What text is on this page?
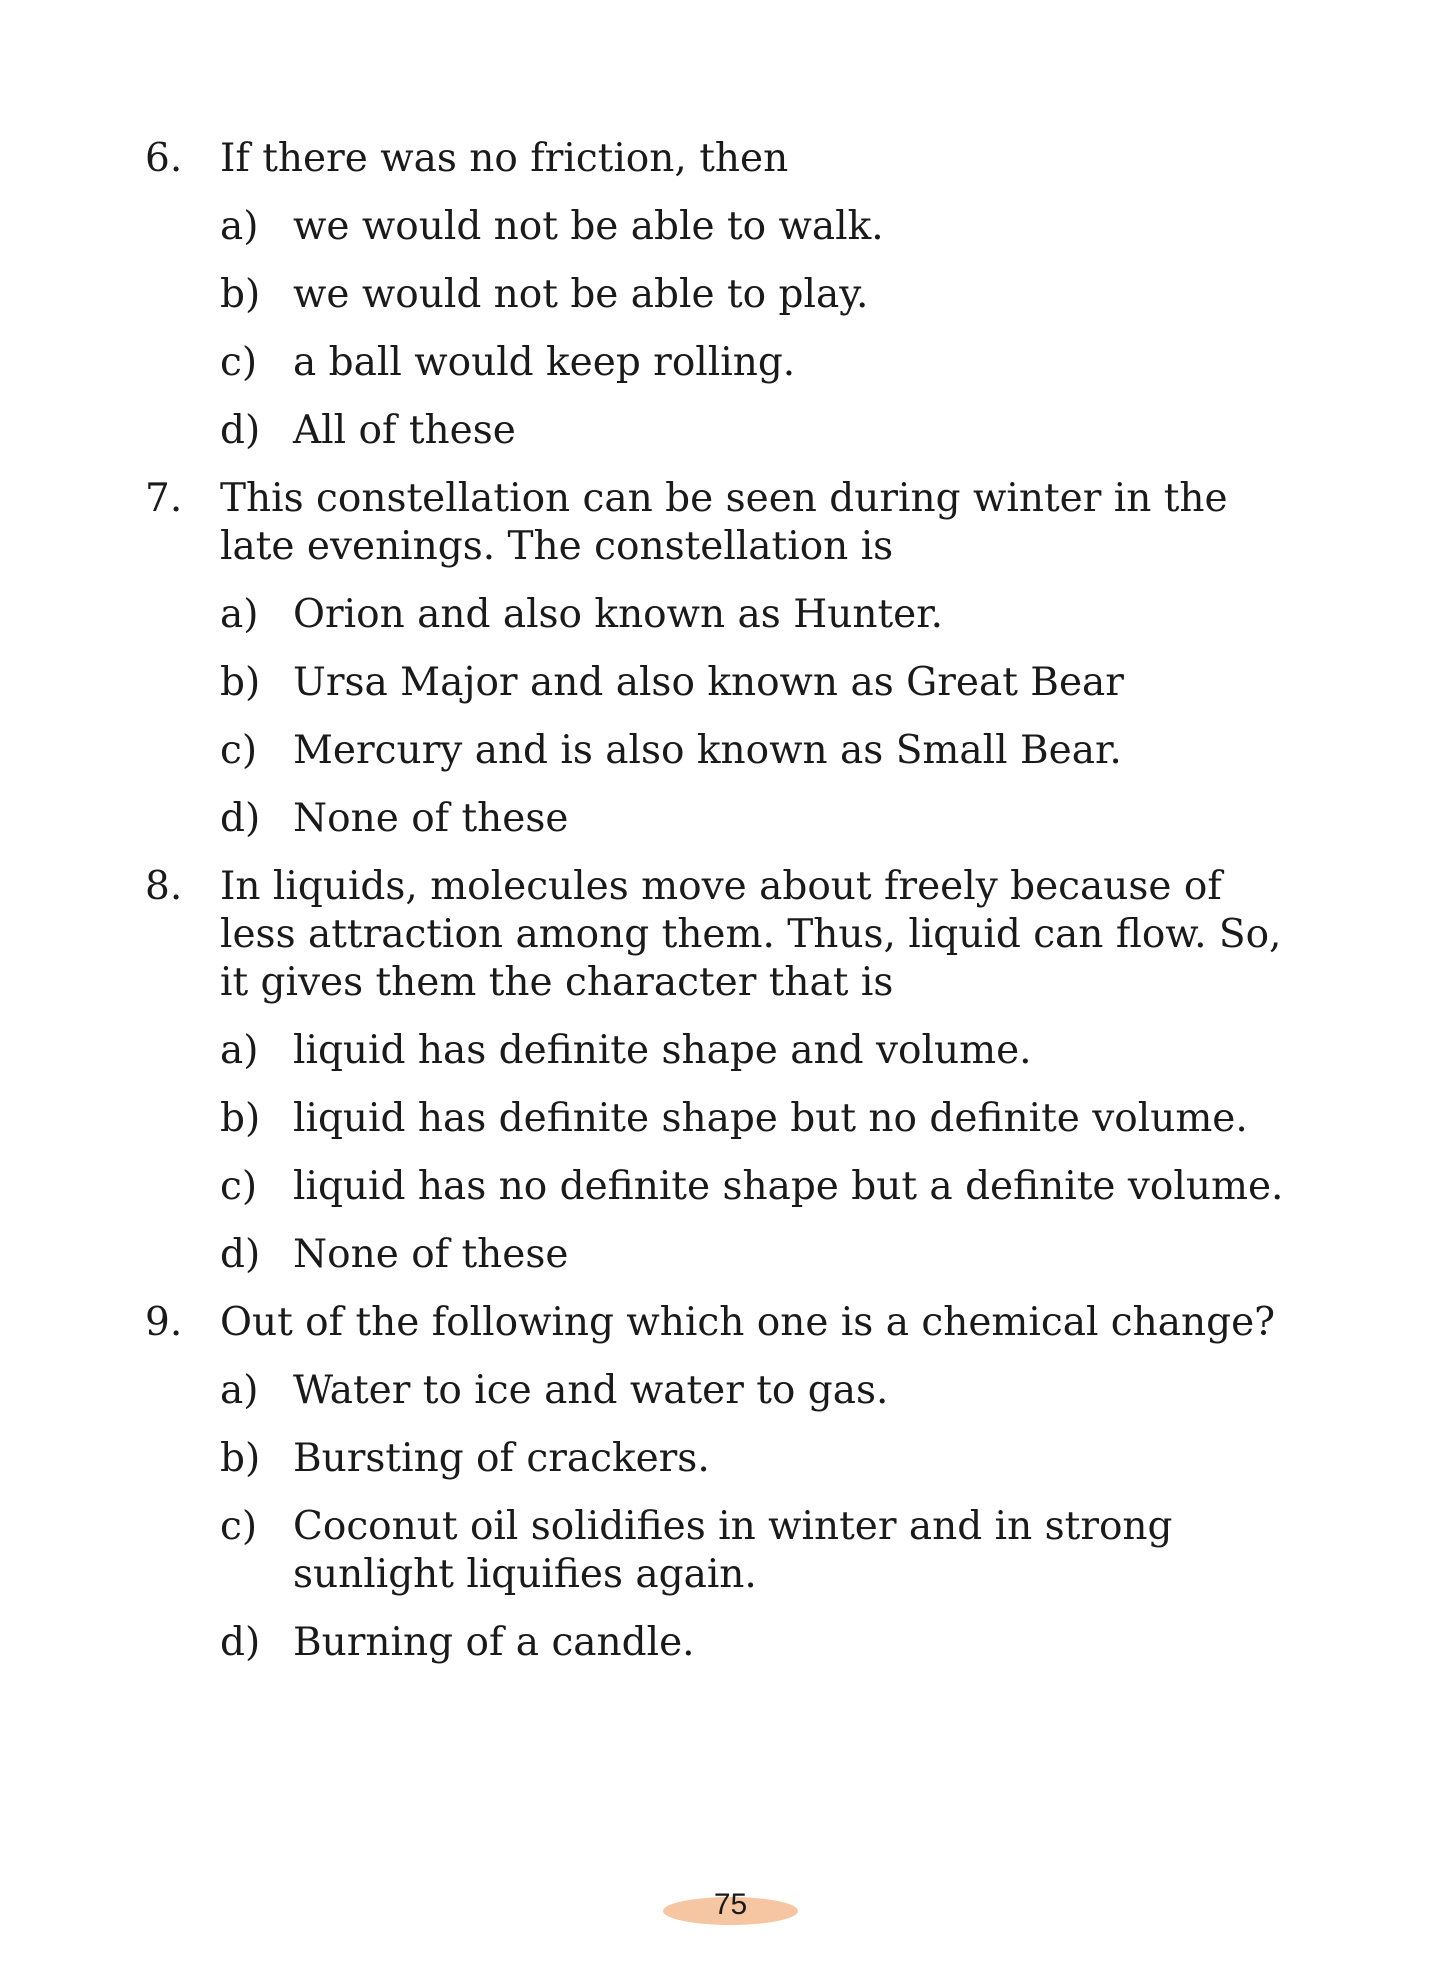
6. If there was no friction, then
a) we would not be able to walk.
b) we would not be able to play.
c) a ball would keep rolling.
d) All of these
7. This constellation can be seen during winter in the late evenings. The constellation is
a) Orion and also known as Hunter.
b) Ursa Major and also known as Great Bear
c) Mercury and is also known as Small Bear.
d) None of these
8. In liquids, molecules move about freely because of less attraction among them. Thus, liquid can flow. So, it gives them the character that is
a) liquid has definite shape and volume.
b) liquid has definite shape but no definite volume.
c) liquid has no definite shape but a definite volume.
d) None of these
9. Out of the following which one is a chemical change?
a) Water to ice and water to gas.
b) Bursting of crackers.
c) Coconut oil solidifies in winter and in strong sunlight liquifies again.
d) Burning of a candle.
75
